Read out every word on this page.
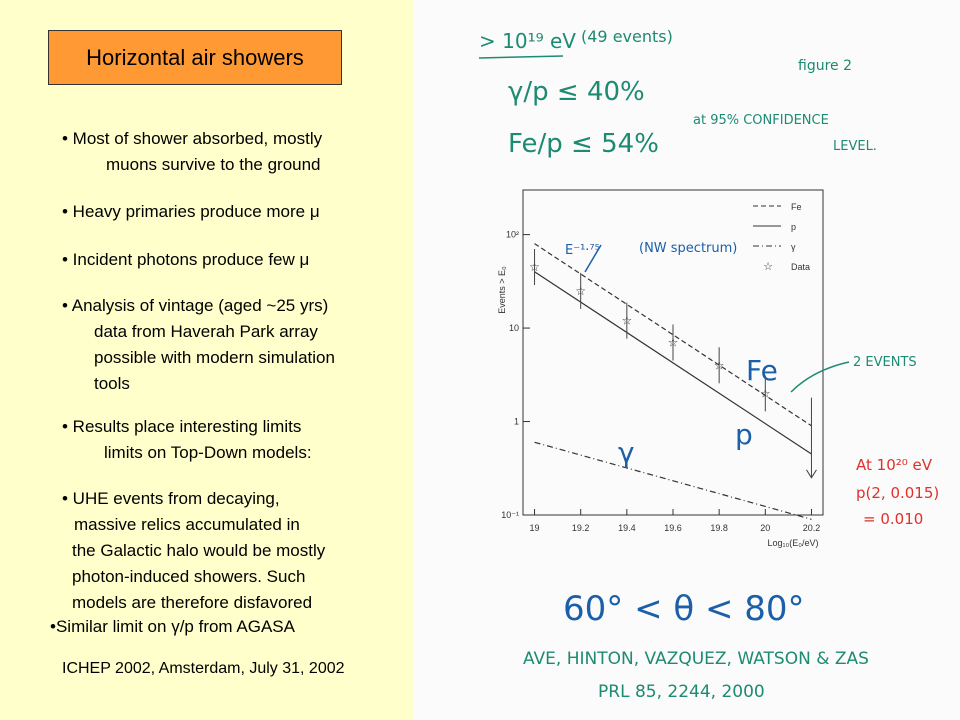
Horizontal air showers
• Most of shower absorbed, mostly
muons survive to the ground
• Heavy primaries produce more μ
• Incident photons produce few μ
• Analysis of vintage (aged ~25 yrs)
data from Haverah Park array
possible with modern simulation
tools
• Results place interesting limits
limits on Top-Down models:
• UHE events from decaying,
massive relics accumulated in
the Galactic halo would be mostly
photon-induced showers. Such
models are therefore disfavored
•Similar limit on γ/p from AGASA
ICHEP 2002, Amsterdam, July 31, 2002
> 10¹⁹ eV (49 events)
figure 2
γ/p ≤ 40%
Fe/p ≤ 54%
at 95% CONFIDENCE
LEVEL.
19	19.2	19.4	19.6	19.8	20	20.2
10⁻¹
1
10
10²
☆
☆
☆
☆
☆
☆
Fe
p
γ
☆ Data
Events > E₀
Log₁₀(E₀/eV)
E⁻¹·⁷⁵	(NW spectrum)
Fe
p
γ
60° < θ < 80°
2 EVENTS
AVE, HINTON, VAZQUEZ, WATSON & ZAS
PRL 85, 2244, 2000
At 10²⁰ eV
p(2, 0.015)
= 0.010
